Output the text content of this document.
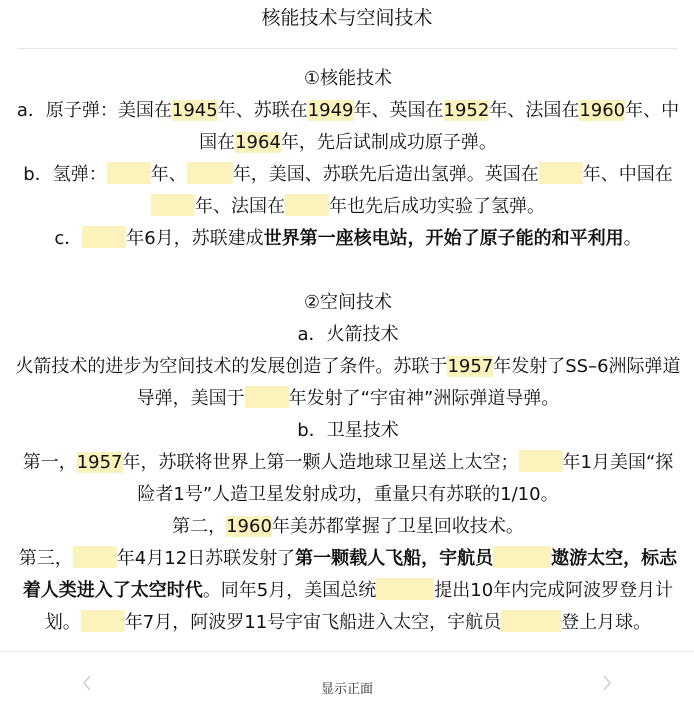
核能技术与空间技术

①核能技术

a．原子弹：美国在1945年、苏联在1949年、英国在1952年、法国在1960年、中国在1964年，先后试制成功原子弹。

b．氢弹： 年、	年，美国、苏联先后造出氢弹。英国在 年、中国在年、法国在 年也先后成功实验了氢弹。

c． 年6月，苏联建成世界第一座核电站，开始了原子能的和平利用。

②空间技术

a．火箭技术

火箭技术的进步为空间技术的发展创造了条件。苏联于1957年发射了SS–6洲际弹道导弹，美国于 年发射了“宇宙神”洲际弹道导弹。

b．卫星技术

第一，1957年，苏联将世界上第一颗人造地球卫星送上太空； 年1月美国“探险者1号”人造卫星发射成功，重量只有苏联的1/10。

第二，1960年美苏都掌握了卫星回收技术。

第三， 年4月12日苏联发射了第一颗载人飞船，宇航员	遨游太空，标志着人类进入了太空时代。同年5月，美国总统	提出10年内完成阿波罗登月计划。 年7月，阿波罗11号宇宙飞船进入太空，宇航员	登上月球。

显示正面
